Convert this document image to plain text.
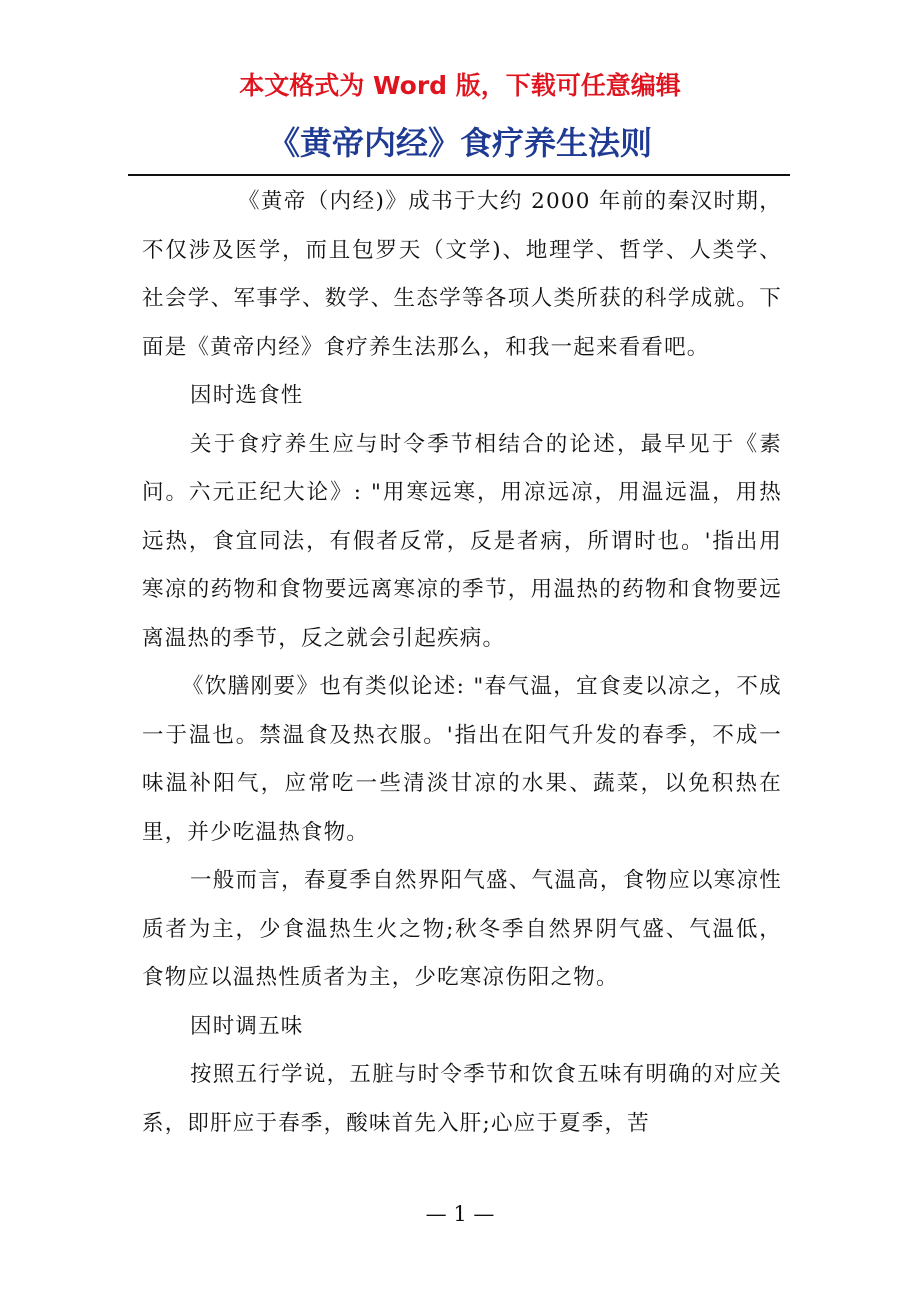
本文格式为 Word 版，下载可任意编辑
《黄帝内经》食疗养生法则

《黄帝（内经)》成书于大约 2000 年前的秦汉时期， 不仅涉及医学，而且包罗天（文学)、地理学、哲学、人类学、社会学、军事学、数学、生态学等各项人类所获的科学成就。下面是《黄帝内经》食疗养生法那么，和我一起来看看吧。

因时选食性

关于食疗养生应与时令季节相结合的论述，最早见于《素问。六元正纪大论》: "用寒远寒，用凉远凉，用温远温，用热远热，食宜同法，有假者反常，反是者病，所谓时也。'指出用寒凉的药物和食物要远离寒凉的季节，用温热的药物和食物要远离温热的季节，反之就会引起疾病。

《饮膳刚要》也有类似论述: "春气温，宜食麦以凉之，不成一于温也。禁温食及热衣服。'指出在阳气升发的春季，不成一味温补阳气，应常吃一些清淡甘凉的水果、蔬菜，以免积热在里，并少吃温热食物。

一般而言，春夏季自然界阳气盛、气温高，食物应以寒凉性质者为主，少食温热生火之物;秋冬季自然界阴气盛、气温低，食物应以温热性质者为主，少吃寒凉伤阳之物。

因时调五味

按照五行学说，五脏与时令季节和饮食五味有明确的对应关系，即肝应于春季，酸味首先入肝;心应于夏季，苦

— 1 —
